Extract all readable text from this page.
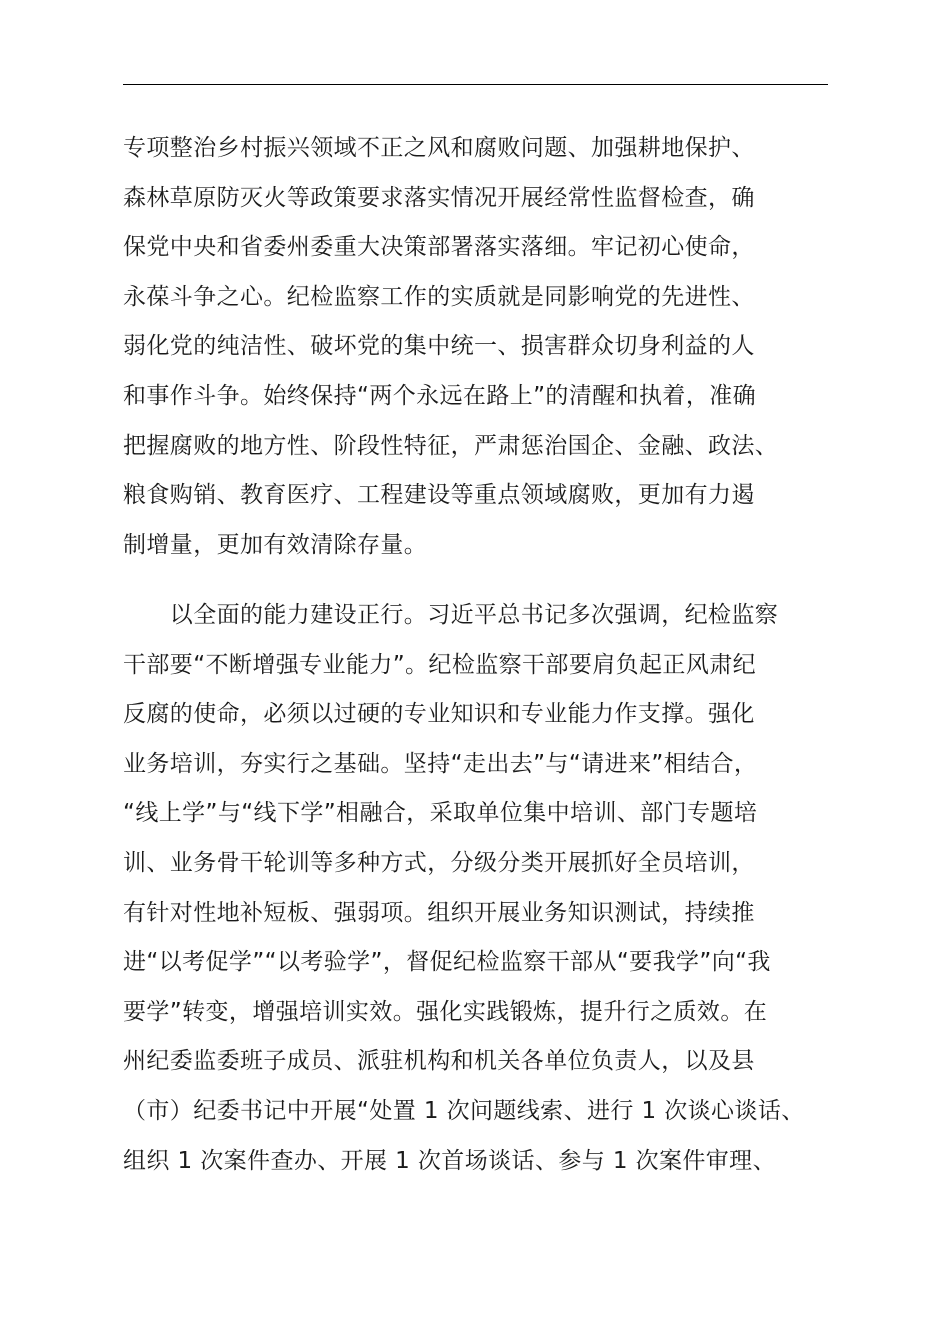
专项整治乡村振兴领域不正之风和腐败问题、加强耕地保护、
森林草原防灭火等政策要求落实情况开展经常性监督检查，确
保党中央和省委州委重大决策部署落实落细。牢记初心使命，
永葆斗争之心。纪检监察工作的实质就是同影响党的先进性、
弱化党的纯洁性、破坏党的集中统一、损害群众切身利益的人
和事作斗争。始终保持“两个永远在路上”的清醒和执着，准确
把握腐败的地方性、阶段性特征，严肃惩治国企、金融、政法、
粮食购销、教育医疗、工程建设等重点领域腐败，更加有力遏
制增量，更加有效清除存量。
　　以全面的能力建设正行。习近平总书记多次强调，纪检监察
干部要“不断增强专业能力”。纪检监察干部要肩负起正风肃纪
反腐的使命，必须以过硬的专业知识和专业能力作支撑。强化
业务培训，夯实行之基础。坚持“走出去”与“请进来”相结合，
“线上学”与“线下学”相融合，采取单位集中培训、部门专题培
训、业务骨干轮训等多种方式，分级分类开展抓好全员培训，
有针对性地补短板、强弱项。组织开展业务知识测试，持续推
进“以考促学”“以考验学”，督促纪检监察干部从“要我学”向“我
要学”转变，增强培训实效。强化实践锻炼，提升行之质效。在
州纪委监委班子成员、派驻机构和机关各单位负责人，以及县
（市）纪委书记中开展“处置 1 次问题线索、进行 1 次谈心谈话、
组织 1 次案件查办、开展 1 次首场谈话、参与 1 次案件审理、
